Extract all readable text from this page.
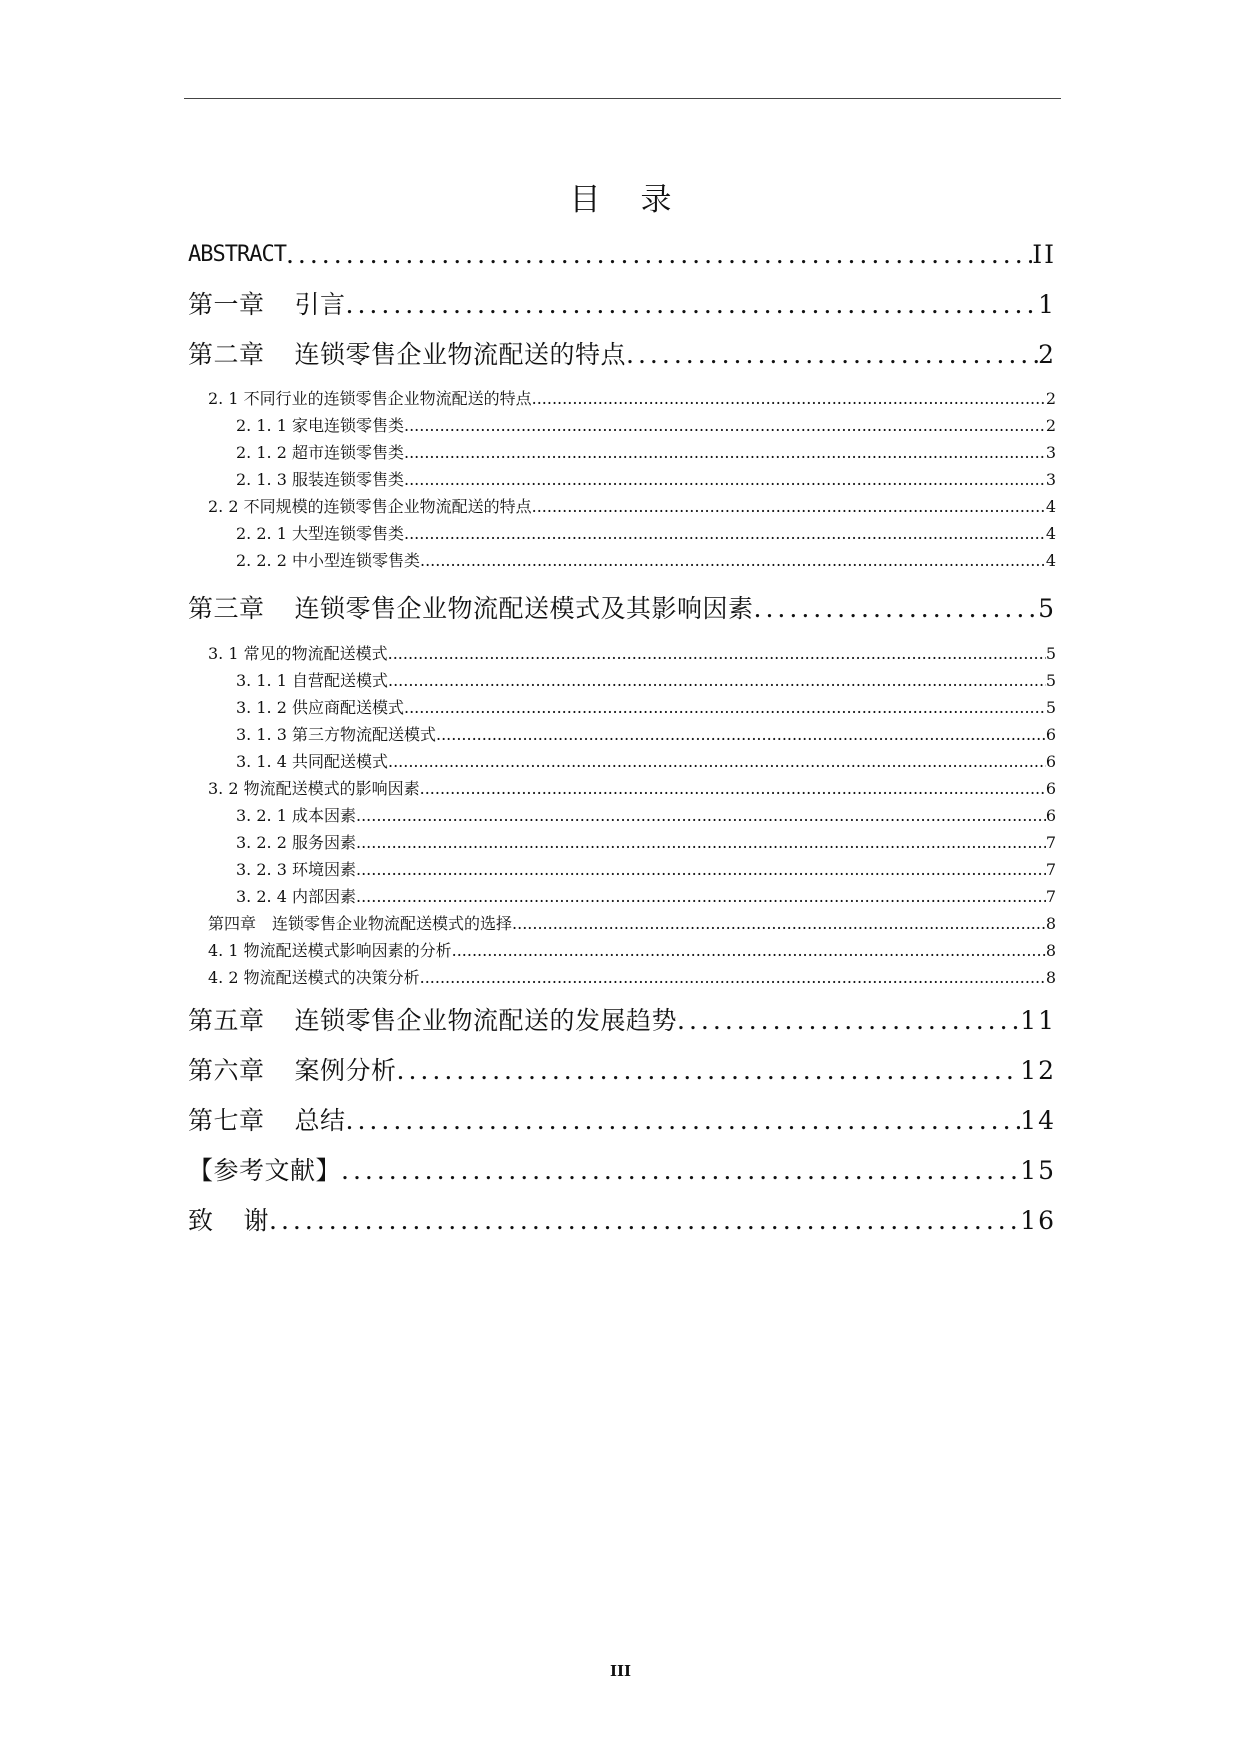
目 录
ABSTRACT .....	II
第一章 引言 .....	1
第二章 连锁零售企业物流配送的特点 .....	2
2. 1 不同行业的连锁零售企业物流配送的特点 .....	2
2. 1. 1 家电连锁零售类 .....	2
2. 1. 2 超市连锁零售类 .....	3
2. 1. 3 服装连锁零售类 .....	3
2. 2 不同规模的连锁零售企业物流配送的特点 .....	4
2. 2. 1 大型连锁零售类 .....	4
2. 2. 2 中小型连锁零售类 .....	4
第三章 连锁零售企业物流配送模式及其影响因素 .....	5
3. 1 常见的物流配送模式 .....	5
3. 1. 1 自营配送模式 .....	5
3. 1. 2 供应商配送模式 .....	5
3. 1. 3 第三方物流配送模式 .....	6
3. 1. 4 共同配送模式 .....	6
3. 2 物流配送模式的影响因素 .....	6
3. 2. 1 成本因素 .....	6
3. 2. 2 服务因素 .....	7
3. 2. 3 环境因素 .....	7
3. 2. 4 内部因素 .....	7
第四章 连锁零售企业物流配送模式的选择 .....	8
4. 1 物流配送模式影响因素的分析 .....	8
4. 2 物流配送模式的决策分析 .....	8
第五章 连锁零售企业物流配送的发展趋势 .....	11
第六章 案例分析 .....	12
第七章 总结 .....	14
【参考文献】 .....	15
致 谢 .....	16
III
